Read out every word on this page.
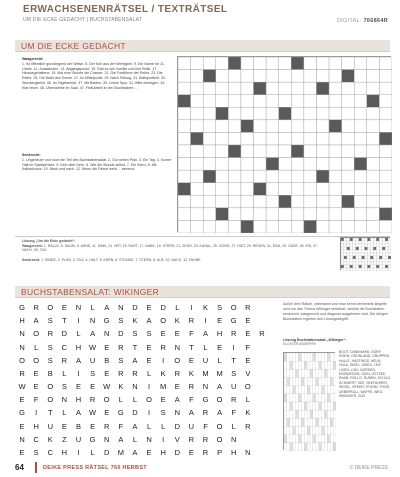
ERWACHSENENRÄTSEL / TEXTRÄTSEL
UM DIE ECKE GEDACHT | BUCHSTABENSALAT	DIGITAL: 766864R
UM DIE ECKE GEDACHT
Waagerecht:
1. Ist öffentlich grundlegend der Weise. 5. Der fuhr aus der Wertigkeit. 9. Ein Name für 11. Linefo. 11. Ausständen. 13. Abgangspunkt. 15. Gibt es wie Vorräte und ihre Brille. 17. Herausgehaltene. 19. Mal eine Stunde die Chance. 21. Die Fortführer der Reihe. 23. Die Reihe. 25. Die Wahl des Sonne. 27. Im Mittelpunkt. 29. Nach Teilung. 31. Ballsportfeld. 33. Stundengleich. 35. Im Tagebericht. 37. Mit Beides. 39. Letzte Spur. 41. Bitte eintragen. 43. Klar lesen. 45. Übernahme im Saal. 47. Fleißarbeit in den Buchstaben ...
Senkrecht:
1. Ungeheuer und noch ein Teil des Buchstabensalat. 2. Gut neben Plan. 3. Ein Tag. 4. Kurzer Halt im Stadtverkehr. 5. Kein alter Kern. 6. Wie die Stunde selbst. 7. Ein Stern. 8. Mit Kalbsrücken. 10. Nach und nach. 12. Wenn die Fahne weht ... sinnend
Lösung „Um die Ecke gedacht“:
Waagerecht: 1. RALLE, 5. SAUM, 9. AHNE, 11. SINN, 13. ORT, 15. RAST, 17. NABE, 19. STERN, 21. ZEHN, 23. KANAL, 25. GONG, 27. RIST, 29. REGEN, 31. RAD, 33. OASE, 35. EIS, 37. NACH, 39. TAG
Senkrecht: 1. RINDE, 2. PLAN, 3. TAG, 4. HALT, 5. KERN, 6. STUNDE, 7. STERN, 8. ALB, 10. NACH, 12. FAHNE
BUCHSTABENSALAT: WIKINGER
G	R	O	E	N	L	A	N	D	E	D	L	I	K	S	O	R
H	A	S	T	I	N	G	S	K	A	O	K	R	I	E	G	E
N	O	R	D	L	A	N	D	S	S	E	E	F	A	H	R	E	R
N	L	S	C	H	W	E	R	T	E	R	N	T	L	E	I	F
O	O	S	R	A	U	B	S	A	E	I	O	E	U	L	T	E
R	E	B	L	I	S	E	R	R	L	K	R	K	M	M	S	V
W	E	O	S	E	E	W	K	N	I	M	E	R	N	A	U	O
E	F	O	N	H	R	O	L	L	O	E	A	F	G	O	R	L
G	I	T	L	A	W	E	G	D	I	S	N	A	R	A	F	K
E	H	U	E	B	E	R	F	A	L	L	D	U	F	O	L	R
N	C	K	Z	U	G	N	A	L	N	I	V	R	R	O	N
E	S	C	H	I	L	D	M	A	E	H	D	E	R	P	H	N
Außer dem Rätsel, unbenannt und man kennt verbreitete Begriffe rund um das Thema Wikinger versteckt, welche die Buchstaben senkrecht, waagerecht und diagonal ausgelesen sind. Die übrigen Buchstaben ergeben den Lösungsbegriff.
Lösung Buchstabensalat „Wikinger“:
KLOSTER ANGRIFFE
BOOT, DANEMARK, DORF, EISEN, GRONLAND, GRUPPEN, HALLE, HASTINGS, HELM, HULK, INSEL, KRIEG, LEIF, LIVEN, LOKI, NORDEN, NORWEGEN, ODIN, OSTSEE, RAUB, ROLLO, RUNEN, SCHILD, SCHWERT, SEE, SEEFAHRER, SEGEL, SPEER, STURM, THOR, UEBERFALL, WAFFE, WEG, WIKINGER, ZUG
64	DEIKE PRESS RÄTSEL 766 HERBST	© DEIKE PRESS
